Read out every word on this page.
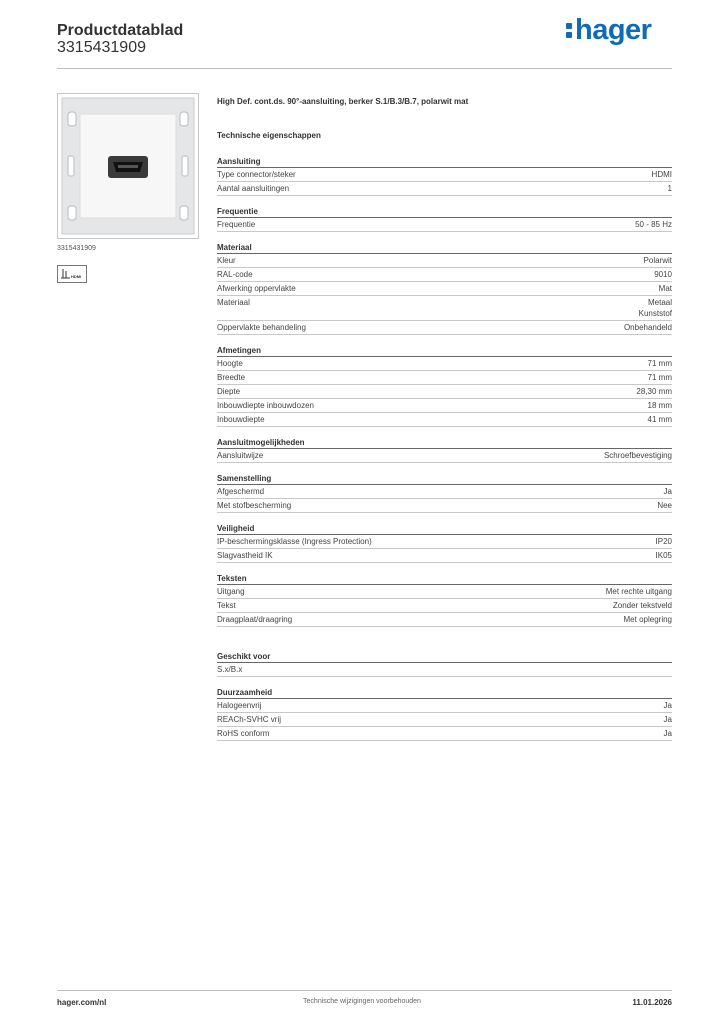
Productdatablad
3315431909
hager
3315431909
HDMI
High Def. cont.ds. 90°-aansluiting, berker S.1/B.3/B.7, polarwit mat
Technische eigenschappen
Aansluiting
Type connector/steker	HDMI
Aantal aansluitingen	1
Frequentie
Frequentie	50 - 85 Hz
Materiaal
Kleur	Polarwit
RAL-code	9010
Afwerking oppervlakte	Mat
Materiaal	Metaal
Kunststof
Oppervlakte behandeling	Onbehandeld
Afmetingen
Hoogte	71 mm
Breedte	71 mm
Diepte	28,30 mm
Inbouwdiepte inbouwdozen	18 mm
Inbouwdiepte	41 mm
Aansluitmogelijkheden
Aansluitwijze	Schroefbevestiging
Samenstelling
Afgeschermd	Ja
Met stofbescherming	Nee
Veiligheid
IP-beschermingsklasse (Ingress Protection)	IP20
Slagvastheid IK	IK05
Teksten
Uitgang	Met rechte uitgang
Tekst	Zonder tekstveld
Draagplaat/draagring	Met oplegring
Geschikt voor
S.x/B.x
Duurzaamheid
Halogeenvrij	Ja
REACh-SVHC vrij	Ja
RoHS conform	Ja
hager.com/nl	Technische wijzigingen voorbehouden	11.01.2026
